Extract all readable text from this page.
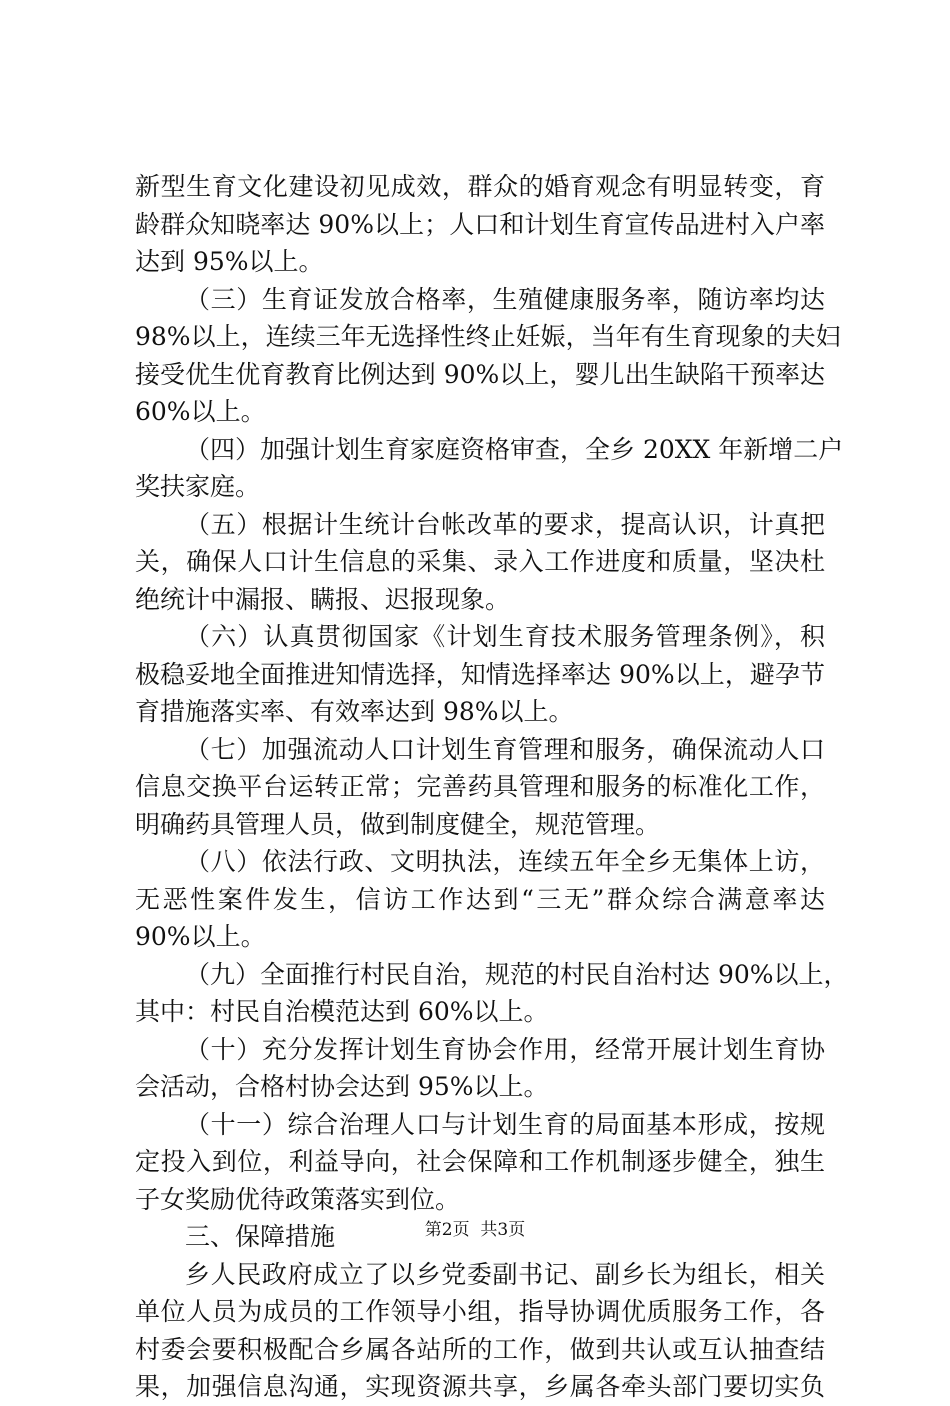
新型生育文化建设初见成效，群众的婚育观念有明显转变，育
龄群众知晓率达 90%以上；人口和计划生育宣传品进村入户率
达到 95%以上。
（三）生育证发放合格率，生殖健康服务率，随访率均达
98%以上，连续三年无选择性终止妊娠，当年有生育现象的夫妇
接受优生优育教育比例达到 90%以上，婴儿出生缺陷干预率达
60%以上。
（四）加强计划生育家庭资格审查，全乡 20XX 年新增二户
奖扶家庭。
（五）根据计生统计台帐改革的要求，提高认识，计真把
关，确保人口计生信息的采集、录入工作进度和质量，坚决杜
绝统计中漏报、瞒报、迟报现象。
（六）认真贯彻国家《计划生育技术服务管理条例》，积
极稳妥地全面推进知情选择，知情选择率达 90%以上，避孕节
育措施落实率、有效率达到 98%以上。
（七）加强流动人口计划生育管理和服务，确保流动人口
信息交换平台运转正常；完善药具管理和服务的标准化工作，
明确药具管理人员，做到制度健全，规范管理。
（八）依法行政、文明执法，连续五年全乡无集体上访，
无恶性案件发生，信访工作达到“三无”群众综合满意率达
90%以上。
（九）全面推行村民自治，规范的村民自治村达 90%以上，
其中：村民自治模范达到 60%以上。
（十）充分发挥计划生育协会作用，经常开展计划生育协
会活动，合格村协会达到 95%以上。
（十一）综合治理人口与计划生育的局面基本形成，按规
定投入到位，利益导向，社会保障和工作机制逐步健全，独生
子女奖励优待政策落实到位。
三、保障措施
乡人民政府成立了以乡党委副书记、副乡长为组长，相关
单位人员为成员的工作领导小组，指导协调优质服务工作，各
村委会要积极配合乡属各站所的工作，做到共认或互认抽查结
果，加强信息沟通，实现资源共享，乡属各牵头部门要切实负
第2页  共3页
